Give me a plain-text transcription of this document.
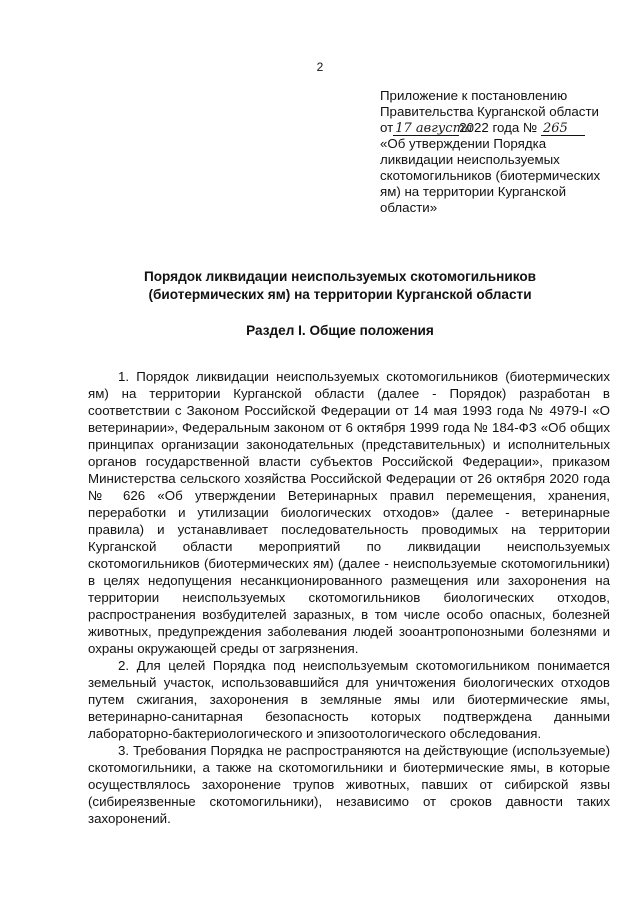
2
Приложение к постановлению
Правительства Курганской области
от 17 августа2022 года № 265
«Об утверждении Порядка
ликвидации неиспользуемых
скотомогильников (биотермических
ям) на территории Курганской
области»
Порядок ликвидации неиспользуемых скотомогильников
(биотермических ям) на территории Курганской области
Раздел I. Общие положения

1. Порядок ликвидации неиспользуемых скотомогильников (биотермических ям) на территории Курганской области (далее - Порядок) разработан в соответствии с Законом Российской Федерации от 14 мая 1993 года № 4979-I «О ветеринарии», Федеральным законом от 6 октября 1999 года № 184-ФЗ «Об общих принципах организации законодательных (представительных) и исполнительных органов государственной власти субъектов Российской Федерации», приказом Министерства сельского хозяйства Российской Федерации от 26 октября 2020 года № 626 «Об утверждении Ветеринарных правил перемещения, хранения, переработки и утилизации биологических отходов» (далее - ветеринарные правила) и устанавливает последовательность проводимых на территории Курганской области мероприятий по ликвидации неиспользуемых скотомогильников (биотермических ям) (далее - неиспользуемые скотомогильники) в целях недопущения несанкционированного размещения или захоронения на территории неиспользуемых скотомогильников биологических отходов, распространения возбудителей заразных, в том числе особо опасных, болезней животных, предупреждения заболевания людей зооантропонозными болезнями и охраны окружающей среды от загрязнения.

2. Для целей Порядка под неиспользуемым скотомогильником понимается земельный участок, использовавшийся для уничтожения биологических отходов путем сжигания, захоронения в земляные ямы или биотермические ямы, ветеринарно-санитарная безопасность которых подтверждена данными лабораторно-бактериологического и эпизоотологического обследования.

3. Требования Порядка не распространяются на действующие (используемые) скотомогильники, а также на скотомогильники и биотермические ямы, в которые осуществлялось захоронение трупов животных, павших от сибирской язвы (сибиреязвенные скотомогильники), независимо от сроков давности таких захоронений.
